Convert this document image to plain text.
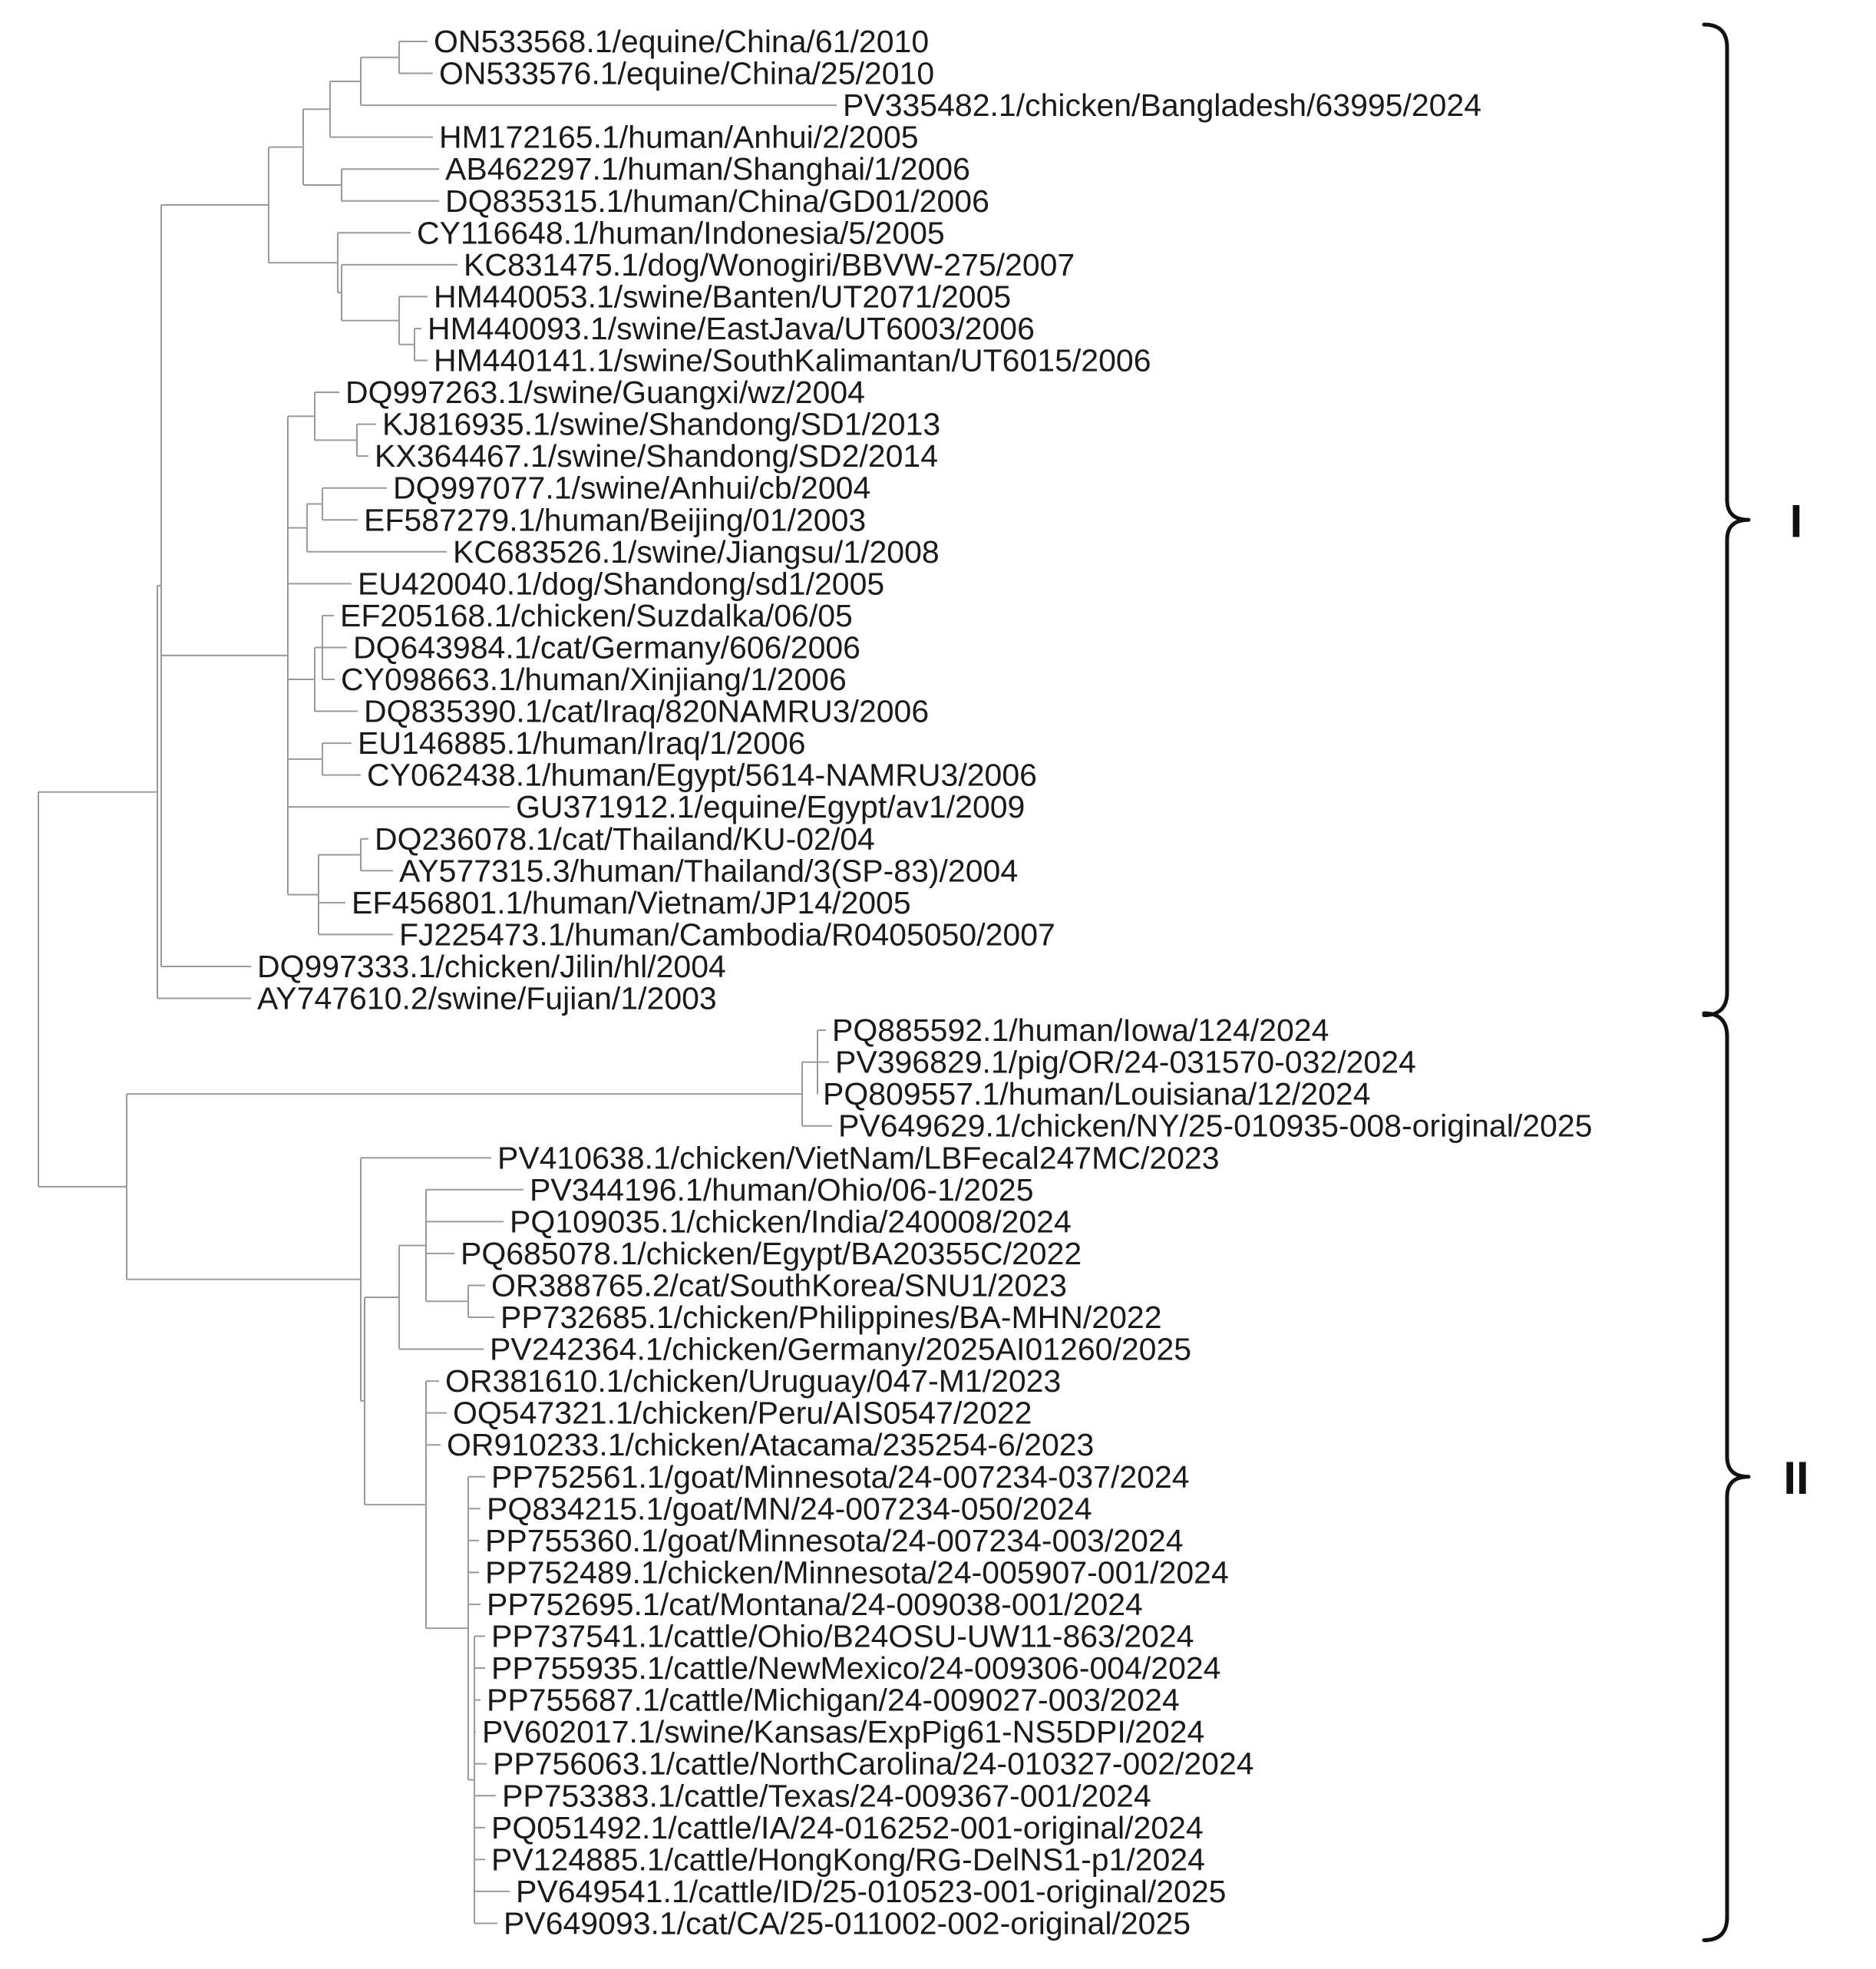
ON533568.1/equine/China/61/2010
ON533576.1/equine/China/25/2010
PV335482.1/chicken/Bangladesh/63995/2024
HM172165.1/human/Anhui/2/2005
AB462297.1/human/Shanghai/1/2006
DQ835315.1/human/China/GD01/2006
CY116648.1/human/Indonesia/5/2005
KC831475.1/dog/Wonogiri/BBVW-275/2007
HM440053.1/swine/Banten/UT2071/2005
HM440093.1/swine/EastJava/UT6003/2006
HM440141.1/swine/SouthKalimantan/UT6015/2006
DQ997263.1/swine/Guangxi/wz/2004
KJ816935.1/swine/Shandong/SD1/2013
KX364467.1/swine/Shandong/SD2/2014
DQ997077.1/swine/Anhui/cb/2004
EF587279.1/human/Beijing/01/2003
KC683526.1/swine/Jiangsu/1/2008
EU420040.1/dog/Shandong/sd1/2005
EF205168.1/chicken/Suzdalka/06/05
DQ643984.1/cat/Germany/606/2006
CY098663.1/human/Xinjiang/1/2006
DQ835390.1/cat/Iraq/820NAMRU3/2006
EU146885.1/human/Iraq/1/2006
CY062438.1/human/Egypt/5614-NAMRU3/2006
GU371912.1/equine/Egypt/av1/2009
DQ236078.1/cat/Thailand/KU-02/04
AY577315.3/human/Thailand/3(SP-83)/2004
EF456801.1/human/Vietnam/JP14/2005
FJ225473.1/human/Cambodia/R0405050/2007
DQ997333.1/chicken/Jilin/hl/2004
AY747610.2/swine/Fujian/1/2003
PQ885592.1/human/Iowa/124/2024
PV396829.1/pig/OR/24-031570-032/2024
PQ809557.1/human/Louisiana/12/2024
PV649629.1/chicken/NY/25-010935-008-original/2025
PV410638.1/chicken/VietNam/LBFecal247MC/2023
PV344196.1/human/Ohio/06-1/2025
PQ109035.1/chicken/India/240008/2024
PQ685078.1/chicken/Egypt/BA20355C/2022
OR388765.2/cat/SouthKorea/SNU1/2023
PP732685.1/chicken/Philippines/BA-MHN/2022
PV242364.1/chicken/Germany/2025AI01260/2025
OR381610.1/chicken/Uruguay/047-M1/2023
OQ547321.1/chicken/Peru/AIS0547/2022
OR910233.1/chicken/Atacama/235254-6/2023
PP752561.1/goat/Minnesota/24-007234-037/2024
PQ834215.1/goat/MN/24-007234-050/2024
PP755360.1/goat/Minnesota/24-007234-003/2024
PP752489.1/chicken/Minnesota/24-005907-001/2024
PP752695.1/cat/Montana/24-009038-001/2024
PP737541.1/cattle/Ohio/B24OSU-UW11-863/2024
PP755935.1/cattle/NewMexico/24-009306-004/2024
PP755687.1/cattle/Michigan/24-009027-003/2024
PV602017.1/swine/Kansas/ExpPig61-NS5DPI/2024
PP756063.1/cattle/NorthCarolina/24-010327-002/2024
PP753383.1/cattle/Texas/24-009367-001/2024
PQ051492.1/cattle/IA/24-016252-001-original/2024
PV124885.1/cattle/HongKong/RG-DelNS1-p1/2024
PV649541.1/cattle/ID/25-010523-001-original/2025
PV649093.1/cat/CA/25-011002-002-original/2025
I
II
